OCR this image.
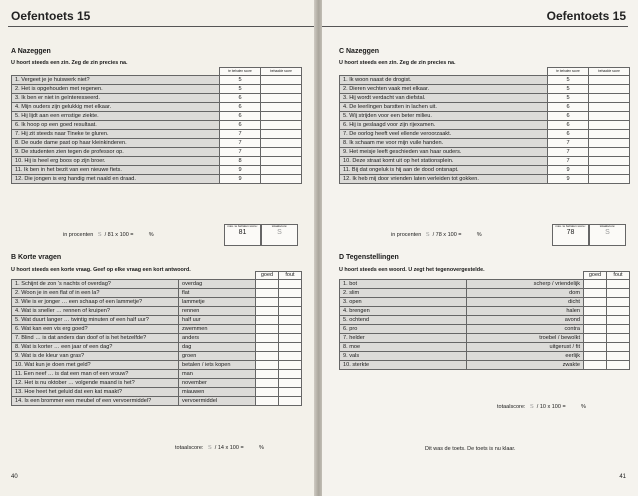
Oefentoets 15
A Nazeggen
U hoort steeds een zin. Zeg de zin precies na.
	te behalen score	behaalde score
1. Vergeet je je huiswerk niet?	5	
2. Het is opgehouden met regenen.	5	
3. Ik ben er niet in geïnteresseerd.	6	
4. Mijn ouders zijn gelukkig met elkaar.	6	
5. Hij lijdt aan een ernstige ziekte.	6	
6. Ik hoop op een goed resultaat.	6	
7. Hij zit steeds naar Tineke te gluren.	7	
8. De oude dame past op haar kleinkinderen.	7	
9. De studenten zien tegen de professor op.	7	
10. Hij is heel erg boos op zijn broer.	8	
11. Ik ben in het bezit van een nieuwe fiets.	9	
12. Die jongen is erg handig met naald en draad.	9	
in procenten S / 81 x 100 =	%
max. te behalen score:
81
totaalscore:
S
B Korte vragen
U hoort steeds een korte vraag. Geef op elke vraag een kort antwoord.
		goed	fout
1. Schijnt de zon 's nachts of overdag?	overdag		
2. Woon je in een flat of in een la?	flat		
3. Wie is er jonger … een schaap of een lammetje?	lammetje		
4. Wat is sneller … rennen of kruipen?	rennen		
5. Wat duurt langer … twintig minuten of een half uur?	half uur		
6. Wat kan een vis erg goed?	zwemmen		
7. Blind … is dat anders dan doof of is het hetzelfde?	anders		
8. Wat is korter … een jaar of een dag?	dag		
9. Wat is de kleur van gras?	groen		
10. Wat kun je doen met geld?	betalen / iets kopen		
11. Een neef … is dat een man of een vrouw?	man		
12. Het is nu oktober … volgende maand is het?	november		
13. Hoe heet het geluid dat een kat maakt?	miauwen		
14. Is een brommer een meubel of een vervoermiddel?	vervoermiddel		
totaalscore: S / 14 x 100 =	%
40
Oefentoets 15
C Nazeggen
U hoort steeds een zin. Zeg de zin precies na.
	te behalen score	behaalde score
1. Ik woon naast de drogist.	5	
2. Dieren vechten vaak met elkaar.	5	
3. Hij wordt verdacht van diefstal.	5	
4. De leerlingen barstten in lachen uit.	6	
5. Wij strijden voor een beter milieu.	6	
6. Hij is geslaagd voor zijn rijexamen.	6	
7. De oorlog heeft veel ellende veroorzaakt.	6	
8. Ik schaam me voor mijn vuile handen.	7	
9. Het meisje leeft geschieden van haar ouders.	7	
10. Deze straat komt uit op het stationsplein.	7	
11. Bij dat ongeluk is hij aan de dood ontsnapt.	9	
12. Ik heb mij door vrienden laten verleiden tot gokken.	9	
in procenten S / 78 x 100 =	%
max. te behalen score:
78
totaalscore:
S
D Tegenstellingen
U hoort steeds een woord. U zegt het tegenovergestelde.
		goed	fout
1. bot	scherp / vriendelijk		
2. slim	dom		
3. open	dicht		
4. brengen	halen		
5. ochtend	avond		
6. pro	contra		
7. helder	troebel / bewolkt		
8. moe	uitgerust / fit		
9. vals	eerlijk		
10. sterkte	zwakte		
totaalscore: S / 10 x 100 =	%
Dit was de toets. De toets is nu klaar.
41
